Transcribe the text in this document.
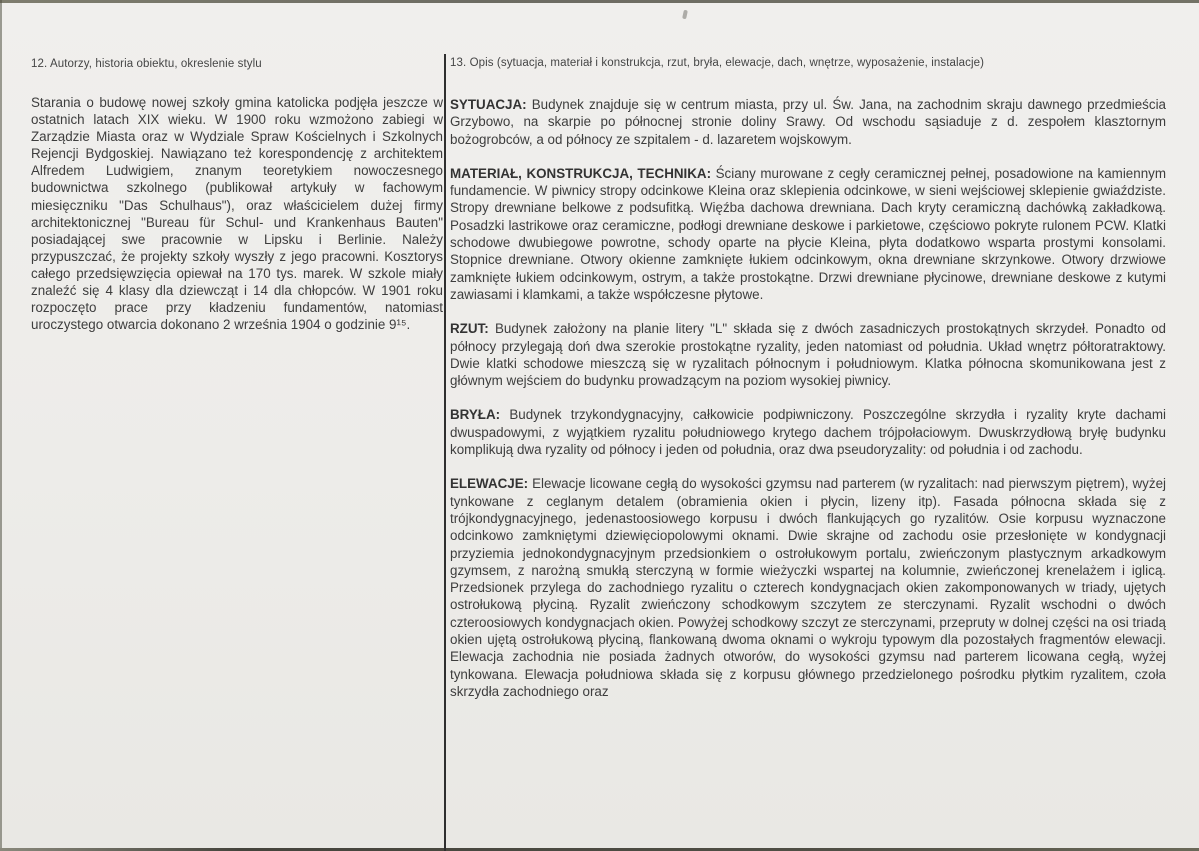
12. Autorzy, historia obiektu, okreslenie stylu	13. Opis (sytuacja, materiał i konstrukcja, rzut, bryła, elewacje, dach, wnętrze, wyposażenie, instalacje)
Starania o budowę nowej szkoły gmina katolicka podjęła jeszcze w ostatnich latach XIX wieku. W 1900 roku wzmożono zabiegi w Zarządzie Miasta oraz w Wydziale Spraw Kościelnych i Szkolnych Rejencji Bydgoskiej. Nawiązano też korespondencję z architektem Alfredem Ludwigiem, znanym teoretykiem nowoczesnego budownictwa szkolnego (publikował artykuły w fachowym miesięczniku "Das Schulhaus"), oraz właścicielem dużej firmy architektonicznej "Bureau für Schul- und Krankenhaus Bauten" posiadającej swe pracownie w Lipsku i Berlinie. Należy przypuszczać, że projekty szkoły wyszły z jego pracowni. Kosztorys całego przedsięwzięcia opiewał na 170 tys. marek. W szkole miały znaleźć się 4 klasy dla dziewcząt i 14 dla chłopców. W 1901 roku rozpoczęto prace przy kładzeniu fundamentów, natomiast uroczystego otwarcia dokonano 2 września 1904 o godzinie 9¹⁵.

SYTUACJA: Budynek znajduje się w centrum miasta, przy ul. Św. Jana, na zachodnim skraju dawnego przedmieścia Grzybowo, na skarpie po północnej stronie doliny Srawy. Od wschodu sąsiaduje z d. zespołem klasztornym bożogrobców, a od północy ze szpitalem - d. lazaretem wojskowym.

MATERIAŁ, KONSTRUKCJA, TECHNIKA: Ściany murowane z cegły ceramicznej pełnej, posadowione na kamiennym fundamencie. W piwnicy stropy odcinkowe Kleina oraz sklepienia odcinkowe, w sieni wejściowej sklepienie gwiaździste. Stropy drewniane belkowe z podsufitką. Więźba dachowa drewniana. Dach kryty ceramiczną dachówką zakładkową. Posadzki lastrikowe oraz ceramiczne, podłogi drewniane deskowe i parkietowe, częściowo pokryte rulonem PCW. Klatki schodowe dwubiegowe powrotne, schody oparte na płycie Kleina, płyta dodatkowo wsparta prostymi konsolami. Stopnice drewniane. Otwory okienne zamknięte łukiem odcinkowym, okna drewniane skrzynkowe. Otwory drzwiowe zamknięte łukiem odcinkowym, ostrym, a także prostokątne. Drzwi drewniane płycinowe, drewniane deskowe z kutymi zawiasami i klamkami, a także współczesne płytowe.

RZUT: Budynek założony na planie litery "L" składa się z dwóch zasadniczych prostokątnych skrzydeł. Ponadto od północy przylegają doń dwa szerokie prostokątne ryzality, jeden natomiast od południa. Układ wnętrz półtoratraktowy. Dwie klatki schodowe mieszczą się w ryzalitach północnym i południowym. Klatka północna skomunikowana jest z głównym wejściem do budynku prowadzącym na poziom wysokiej piwnicy.

BRYŁA: Budynek trzykondygnacyjny, całkowicie podpiwniczony. Poszczególne skrzydła i ryzality kryte dachami dwuspadowymi, z wyjątkiem ryzalitu południowego krytego dachem trójpołaciowym. Dwuskrzydłową bryłę budynku komplikują dwa ryzality od północy i jeden od południa, oraz dwa pseudoryzality: od południa i od zachodu.

ELEWACJE: Elewacje licowane cegłą do wysokości gzymsu nad parterem (w ryzalitach: nad pierwszym piętrem), wyżej tynkowane z ceglanym detalem (obramienia okien i płycin, lizeny itp). Fasada północna składa się z trójkondygnacyjnego, jedenastoosiowego korpusu i dwóch flankujących go ryzalitów. Osie korpusu wyznaczone odcinkowo zamkniętymi dziewięciopolowymi oknami. Dwie skrajne od zachodu osie przesłonięte w kondygnacji przyziemia jednokondygnacyjnym przedsionkiem o ostrołukowym portalu, zwieńczonym plastycznym arkadkowym gzymsem, z narożną smukłą sterczyną w formie wieżyczki wspartej na kolumnie, zwieńczonej krenelażem i iglicą. Przedsionek przylega do zachodniego ryzalitu o czterech kondygnacjach okien zakomponowanych w triady, ujętych ostrołukową płyciną. Ryzalit zwieńczony schodkowym szczytem ze sterczynami. Ryzalit wschodni o dwóch czteroosiowych kondygnacjach okien. Powyżej schodkowy szczyt ze sterczynami, przepruty w dolnej części na osi triadą okien ujętą ostrołukową płyciną, flankowaną dwoma oknami o wykroju typowym dla pozostałych fragmentów elewacji. Elewacja zachodnia nie posiada żadnych otworów, do wysokości gzymsu nad parterem licowana cegłą, wyżej tynkowana. Elewacja południowa składa się z korpusu głównego przedzielonego pośrodku płytkim ryzalitem, czoła skrzydła zachodniego oraz
